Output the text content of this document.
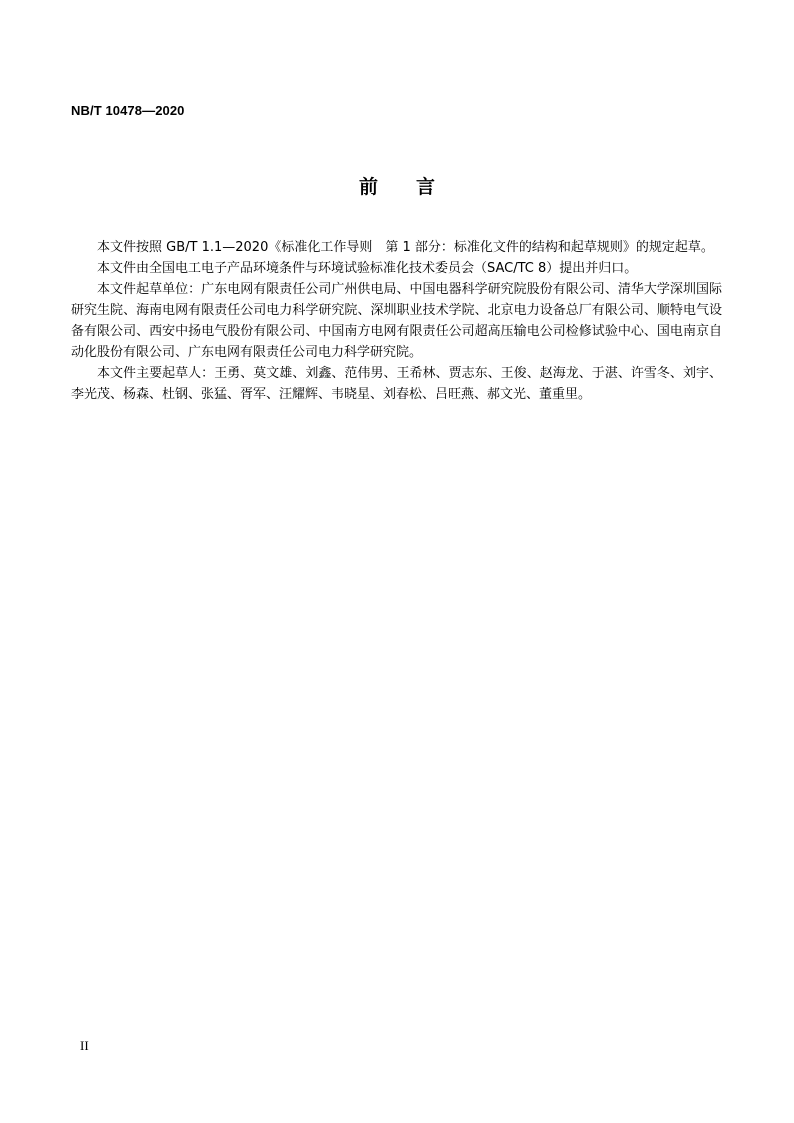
NB/T 10478—2020
前　　言

本文件按照 GB/T 1.1—2020《标准化工作导则　第 1 部分：标准化文件的结构和起草规则》的规定起草。

本文件由全国电工电子产品环境条件与环境试验标准化技术委员会（SAC/TC 8）提出并归口。

本文件起草单位：广东电网有限责任公司广州供电局、中国电器科学研究院股份有限公司、清华大学深圳国际研究生院、海南电网有限责任公司电力科学研究院、深圳职业技术学院、北京电力设备总厂有限公司、顺特电气设备有限公司、西安中扬电气股份有限公司、中国南方电网有限责任公司超高压输电公司检修试验中心、国电南京自动化股份有限公司、广东电网有限责任公司电力科学研究院。

本文件主要起草人：王勇、莫文雄、刘鑫、范伟男、王希林、贾志东、王俊、赵海龙、于湛、许雪冬、刘宇、李光茂、杨森、杜钢、张猛、胥军、汪耀辉、韦晓星、刘春松、吕旺燕、郝文光、董重里。

II
